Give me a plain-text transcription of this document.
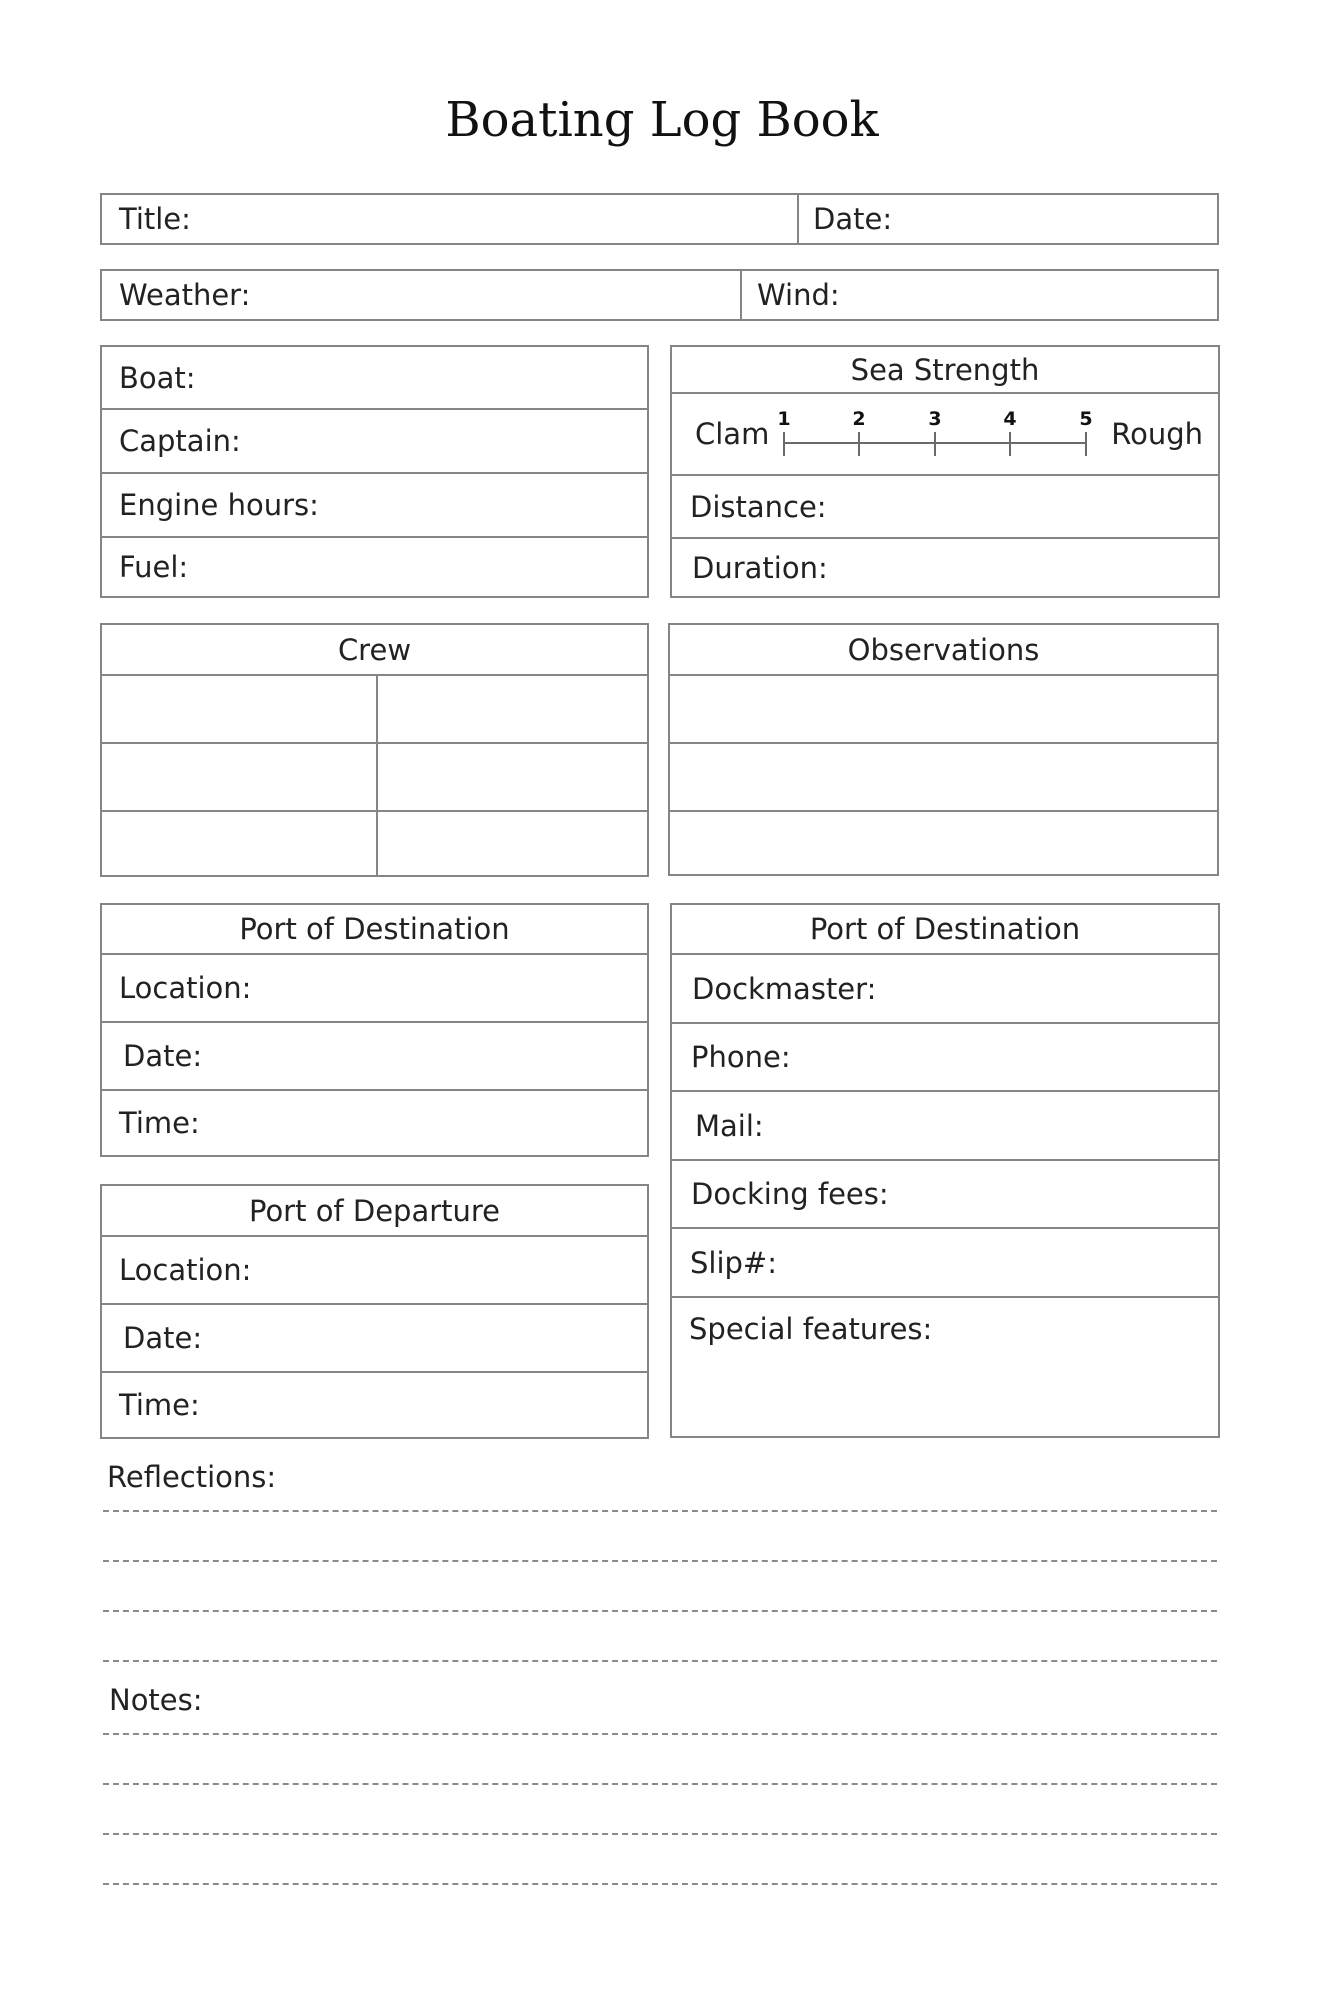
Boating Log Book
Title:	Date:
Weather:	Wind:
Boat:
Captain:
Engine hours:
Fuel:
Sea Strength
Clam 1	2	3	4	5 Rough
Distance:
Duration:
Crew	Observations
Port of Destination
Location:
Date:
Time:
Port of Departure
Location:
Date:
Time:
Port of Destination
Dockmaster:
Phone:
Mail:
Docking fees:
Slip#:
Special features:
Reflections:
Notes:
